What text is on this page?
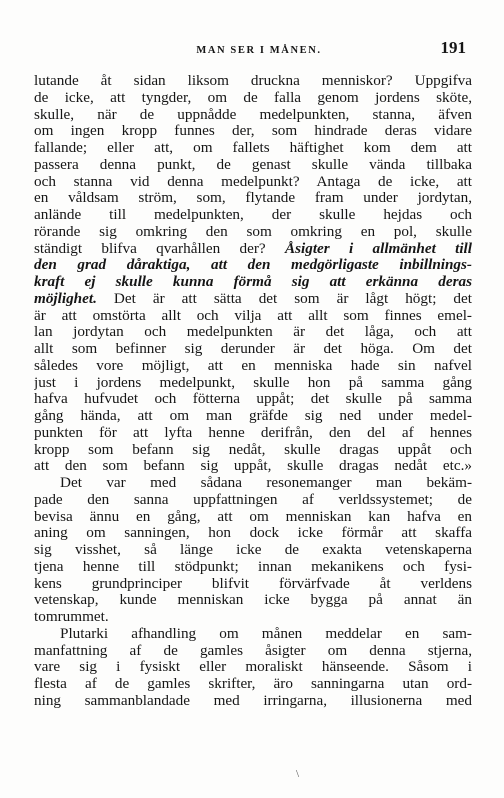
MAN SER I MÅNEN.	191
lutande åt sidan liksom druckna menniskor? Uppgifva
de icke, att tyngder, om de falla genom jordens sköte,
skulle, när de uppnådde medelpunkten, stanna, äfven
om ingen kropp funnes der, som hindrade deras vidare
fallande; eller att, om fallets häftighet kom dem att
passera denna punkt, de genast skulle vända tillbaka
och stanna vid denna medelpunkt? Antaga de icke, att
en våldsam ström, som, flytande fram under jordytan,
anlände till medelpunkten, der skulle hejdas och
rörande sig omkring den som omkring en pol, skulle
ständigt blifva qvarhållen der? Åsigter i allmänhet till
den grad dåraktiga, att den medgörligaste inbillnings-
kraft ej skulle kunna förmå sig att erkänna deras
möjlighet. Det är att sätta det som är lågt högt; det
är att omstörta allt och vilja att allt som finnes emel-
lan jordytan och medelpunkten är det låga, och att
allt som befinner sig derunder är det höga. Om det
således vore möjligt, att en menniska hade sin nafvel
just i jordens medelpunkt, skulle hon på samma gång
hafva hufvudet och fötterna uppåt; det skulle på samma
gång hända, att om man gräfde sig ned under medel-
punkten för att lyfta henne derifrån, den del af hennes
kropp som befann sig nedåt, skulle dragas uppåt och
att den som befann sig uppåt, skulle dragas nedåt etc.»
Det var med sådana resonemanger man bekäm-
pade den sanna uppfattningen af verldssystemet; de
bevisa ännu en gång, att om menniskan kan hafva en
aning om sanningen, hon dock icke förmår att skaffa
sig visshet, så länge icke de exakta vetenskaperna
tjena henne till stödpunkt; innan mekanikens och fysi-
kens grundprinciper blifvit förvärfvade åt verldens
vetenskap, kunde menniskan icke bygga på annat än
tomrummet.
Plutarki afhandling om månen meddelar en sam-
manfattning af de gamles åsigter om denna stjerna,
vare sig i fysiskt eller moraliskt hänseende. Såsom i
flesta af de gamles skrifter, äro sanningarna utan ord-
ning sammanblandade med irringarna, illusionerna med
\
